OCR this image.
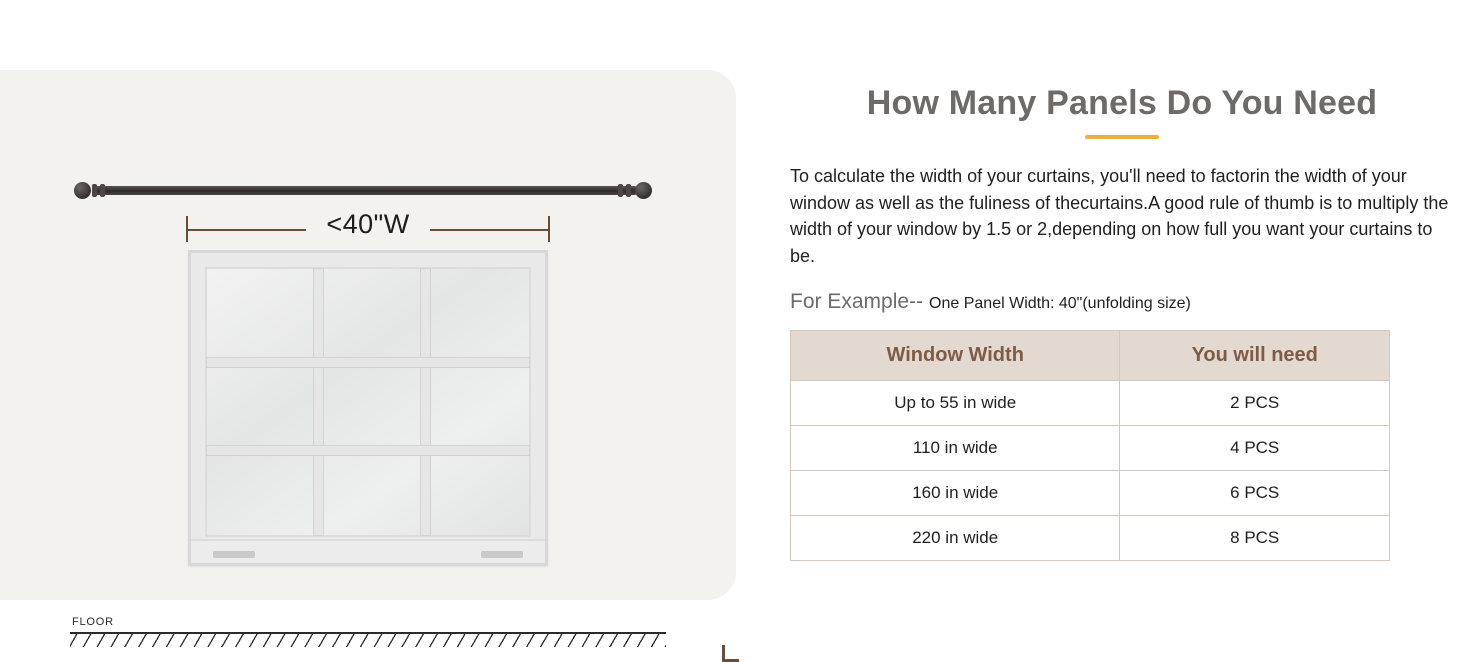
<40"W
FLOOR
How Many Panels Do You Need

To calculate the width of your curtains, you'll need to factorin the width of your window as well as the fuliness of thecurtains.A good rule of thumb is to multiply the width of your window by 1.5 or 2,depending on how full you want your curtains to be.

For Example-- One Panel Width: 40"(unfolding size)
Window Width	You will need
Up to 55 in wide	2 PCS
110 in wide	4 PCS
160 in wide	6 PCS
220 in wide	8 PCS
